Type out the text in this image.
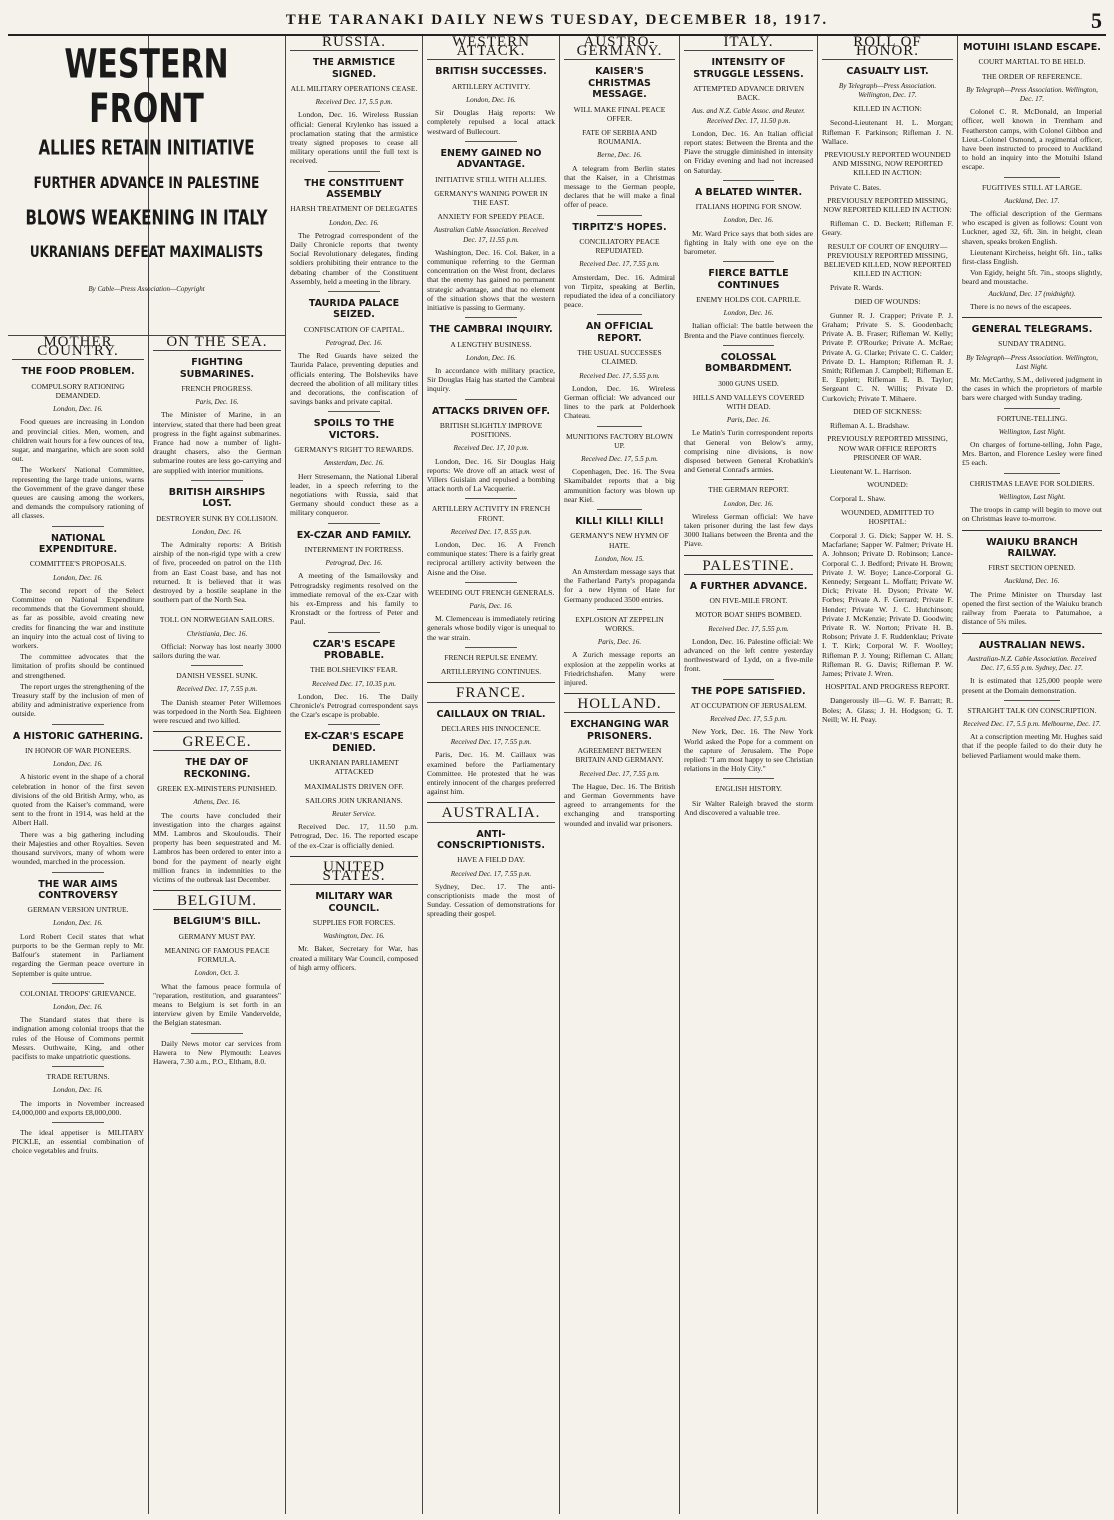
THE TARANAKI DAILY NEWS TUESDAY, DECEMBER 18, 1917.	5
WESTERN FRONT
ALLIES RETAIN INITIATIVE
FURTHER ADVANCE IN PALESTINE
BLOWS WEAKENING IN ITALY
UKRANIANS DEFEAT MAXIMALISTS
By Cable—Press Association—Copyright
MOTHER COUNTRY.
THE FOOD PROBLEM.
COMPULSORY RATIONING DEMANDED.
London, Dec. 16.

Food queues are increasing in London and provincial cities. Men, women, and children wait hours for a few ounces of tea, sugar, and margarine, which are soon sold out.

The Workers' National Committee, representing the large trade unions, warns the Government of the grave danger these queues are causing among the workers, and demands the compulsory rationing of all classes.

NATIONAL EXPENDITURE.
COMMITTEE'S PROPOSALS.
London, Dec. 16.

The second report of the Select Committee on National Expenditure recommends that the Government should, as far as possible, avoid creating new credits for financing the war and institute an inquiry into the actual cost of living to workers.

The committee advocates that the limitation of profits should be continued and strengthened.

The report urges the strengthening of the Treasury staff by the inclusion of men of ability and administrative experience from outside.

A HISTORIC GATHERING.
IN HONOR OF WAR PIONEERS.
London, Dec. 16.

A historic event in the shape of a choral celebration in honor of the first seven divisions of the old British Army, who, as quoted from the Kaiser's command, were sent to the front in 1914, was held at the Albert Hall.

There was a big gathering including their Majesties and other Royalties. Seven thousand survivors, many of whom were wounded, marched in the procession.

THE WAR AIMS CONTROVERSY
GERMAN VERSION UNTRUE.
London, Dec. 16.

Lord Robert Cecil states that what purports to be the German reply to Mr. Balfour's statement in Parliament regarding the German peace overture in September is quite untrue.

COLONIAL TROOPS' GRIEVANCE.
London, Dec. 16.

The Standard states that there is indignation among colonial troops that the rules of the House of Commons permit Messrs. Outhwaite, King, and other pacifists to make unpatriotic questions.

TRADE RETURNS.
London, Dec. 16.

The imports in November increased £4,000,000 and exports £8,000,000.

The ideal appetiser is MILITARY PICKLE, an essential combination of choice vegetables and fruits.

ON THE SEA.
FIGHTING SUBMARINES.
FRENCH PROGRESS.
Paris, Dec. 16.

The Minister of Marine, in an interview, stated that there had been great progress in the fight against submarines. France had now a number of light-draught chasers, also the German submarine routes are less go-carrying and are supplied with interior munitions.

BRITISH AIRSHIPS LOST.
DESTROYER SUNK BY COLLISION.
London, Dec. 16.

The Admiralty reports: A British airship of the non-rigid type with a crew of five, proceeded on patrol on the 11th from an East Coast base, and has not returned. It is believed that it was destroyed by a hostile seaplane in the southern part of the North Sea.

TOLL ON NORWEGIAN SAILORS.
Christiania, Dec. 16.

Official: Norway has lost nearly 3000 sailors during the war.

DANISH VESSEL SUNK.
Received Dec. 17, 7.55 p.m.

The Danish steamer Peter Willemoes was torpedoed in the North Sea. Eighteen were rescued and two killed.

GREECE.
THE DAY OF RECKONING.
GREEK EX-MINISTERS PUNISHED.
Athens, Dec. 16.

The courts have concluded their investigation into the charges against MM. Lambros and Skouloudis. Their property has been sequestrated and M. Lambros has been ordered to enter into a bond for the payment of nearly eight million francs in indemnities to the victims of the outbreak last December.

BELGIUM.
BELGIUM'S BILL.
GERMANY MUST PAY.
MEANING OF FAMOUS PEACE FORMULA.
London, Oct. 3.

What the famous peace formula of "reparation, restitution, and guarantees" means to Belgium is set forth in an interview given by Emile Vandervelde, the Belgian statesman.

Daily News motor car services from Hawera to New Plymouth: Leaves Hawera, 7.30 a.m., P.O., Eltham, 8.0.

RUSSIA.
THE ARMISTICE SIGNED.
ALL MILITARY OPERATIONS CEASE.
Received Dec. 17, 5.5 p.m.

London, Dec. 16. Wireless Russian official: General Krylenko has issued a proclamation stating that the armistice treaty signed proposes to cease all military operations until the full text is received.

THE CONSTITUENT ASSEMBLY
HARSH TREATMENT OF DELEGATES
London, Dec. 16.

The Petrograd correspondent of the Daily Chronicle reports that twenty Social Revolutionary delegates, finding soldiers prohibiting their entrance to the debating chamber of the Constituent Assembly, held a meeting in the library.

TAURIDA PALACE SEIZED.
CONFISCATION OF CAPITAL.
Petrograd, Dec. 16.

The Red Guards have seized the Taurida Palace, preventing deputies and officials entering. The Bolsheviks have decreed the abolition of all military titles and decorations, the confiscation of savings banks and private capital.

SPOILS TO THE VICTORS.
GERMANY'S RIGHT TO REWARDS.
Amsterdam, Dec. 16.

Herr Stresemann, the National Liberal leader, in a speech referring to the negotiations with Russia, said that Germany should conduct these as a military conqueror.

EX-CZAR AND FAMILY.
INTERNMENT IN FORTRESS.
Petrograd, Dec. 16.

A meeting of the Ismailovsky and Petrogradsky regiments resolved on the immediate removal of the ex-Czar with his ex-Empress and his family to Kronstadt or the fortress of Peter and Paul.

CZAR'S ESCAPE PROBABLE.
THE BOLSHEVIKS' FEAR.
Received Dec. 17, 10.35 p.m.

London, Dec. 16. The Daily Chronicle's Petrograd correspondent says the Czar's escape is probable.

EX-CZAR'S ESCAPE DENIED.
UKRANIAN PARLIAMENT ATTACKED
MAXIMALISTS DRIVEN OFF.
SAILORS JOIN UKRANIANS.
Reuter Service.

Received Dec. 17, 11.50 p.m. Petrograd, Dec. 16. The reported escape of the ex-Czar is officially denied.

UNITED STATES.
MILITARY WAR COUNCIL.
SUPPLIES FOR FORCES.
Washington, Dec. 16.

Mr. Baker, Secretary for War, has created a military War Council, composed of high army officers.

WESTERN ATTACK.
BRITISH SUCCESSES.
ARTILLERY ACTIVITY.
London, Dec. 16.

Sir Douglas Haig reports: We completely repulsed a local attack westward of Bullecourt.

ENEMY GAINED NO ADVANTAGE.
INITIATIVE STILL WITH ALLIES.
GERMANY'S WANING POWER IN THE EAST.
ANXIETY FOR SPEEDY PEACE.
Australian Cable Association. Received Dec. 17, 11.55 p.m.

Washington, Dec. 16. Col. Baker, in a communique referring to the German concentration on the West front, declares that the enemy has gained no permanent strategic advantage, and that no element of the situation shows that the western initiative is passing to Germany.

THE CAMBRAI INQUIRY.
A LENGTHY BUSINESS.
London, Dec. 16.

In accordance with military practice, Sir Douglas Haig has started the Cambrai inquiry.

ATTACKS DRIVEN OFF.
BRITISH SLIGHTLY IMPROVE POSITIONS.
Received Dec. 17, 10 p.m.

London, Dec. 16. Sir Douglas Haig reports: We drove off an attack west of Villers Guislain and repulsed a bombing attack north of La Vacquerie.

ARTILLERY ACTIVITY IN FRENCH FRONT.
Received Dec. 17, 8.55 p.m.

London, Dec. 16. A French communique states: There is a fairly great reciprocal artillery activity between the Aisne and the Oise.

WEEDING OUT FRENCH GENERALS.
Paris, Dec. 16.

M. Clemenceau is immediately retiring generals whose bodily vigor is unequal to the war strain.

FRENCH REPULSE ENEMY.
ARTILLERYING CONTINUES.
FRANCE.
CAILLAUX ON TRIAL.
DECLARES HIS INNOCENCE.
Received Dec. 17, 7.55 p.m.

Paris, Dec. 16. M. Caillaux was examined before the Parliamentary Committee. He protested that he was entirely innocent of the charges preferred against him.

AUSTRALIA.
ANTI-CONSCRIPTIONISTS.
HAVE A FIELD DAY.
Received Dec. 17, 7.55 p.m.

Sydney, Dec. 17. The anti-conscriptionists made the most of Sunday. Cessation of demonstrations for spreading their gospel.

AUSTRO-GERMANY.
KAISER'S CHRISTMAS MESSAGE.
WILL MAKE FINAL PEACE OFFER.
FATE OF SERBIA AND ROUMANIA.
Berne, Dec. 16.

A telegram from Berlin states that the Kaiser, in a Christmas message to the German people, declares that he will make a final offer of peace.

TIRPITZ'S HOPES.
CONCILIATORY PEACE REPUDIATED.
Received Dec. 17, 7.55 p.m.

Amsterdam, Dec. 16. Admiral von Tirpitz, speaking at Berlin, repudiated the idea of a conciliatory peace.

AN OFFICIAL REPORT.
THE USUAL SUCCESSES CLAIMED.
Received Dec. 17, 5.55 p.m.

London, Dec. 16. Wireless German official: We advanced our lines to the park at Polderhoek Chateau.

MUNITIONS FACTORY BLOWN UP.
Received Dec. 17, 5.5 p.m.

Copenhagen, Dec. 16. The Svea Skamibaldet reports that a big ammunition factory was blown up near Kiel.

KILL! KILL! KILL!
GERMANY'S NEW HYMN OF HATE.
London, Nov. 15.

An Amsterdam message says that the Fatherland Party's propaganda for a new Hymn of Hate for Germany produced 3500 entries.

EXPLOSION AT ZEPPELIN WORKS.
Paris, Dec. 16.

A Zurich message reports an explosion at the zeppelin works at Friedrichshafen. Many were injured.

HOLLAND.
EXCHANGING WAR PRISONERS.
AGREEMENT BETWEEN BRITAIN AND GERMANY.
Received Dec. 17, 7.55 p.m.

The Hague, Dec. 16. The British and German Governments have agreed to arrangements for the exchanging and transporting wounded and invalid war prisoners.

ITALY.
INTENSITY OF STRUGGLE LESSENS.
ATTEMPTED ADVANCE DRIVEN BACK.
Aus. and N.Z. Cable Assoc. and Reuter. Received Dec. 17, 11.50 p.m.

London, Dec. 16. An Italian official report states: Between the Brenta and the Piave the struggle diminished in intensity on Friday evening and had not increased on Saturday.

A BELATED WINTER.
ITALIANS HOPING FOR SNOW.
London, Dec. 16.

Mr. Ward Price says that both sides are fighting in Italy with one eye on the barometer.

FIERCE BATTLE CONTINUES
ENEMY HOLDS COL CAPRILE.
London, Dec. 16.

Italian official: The battle between the Brenta and the Piave continues fiercely.

COLOSSAL BOMBARDMENT.
3000 GUNS USED.
HILLS AND VALLEYS COVERED WITH DEAD.
Paris, Dec. 16.

Le Matin's Turin correspondent reports that General von Below's army, comprising nine divisions, is now disposed between General Krobatkin's and General Conrad's armies.

THE GERMAN REPORT.
London, Dec. 16.

Wireless German official: We have taken prisoner during the last few days 3000 Italians between the Brenta and the Piave.

PALESTINE.
A FURTHER ADVANCE.
ON FIVE-MILE FRONT.
MOTOR BOAT SHIPS BOMBED.
Received Dec. 17, 5.55 p.m.

London, Dec. 16. Palestine official: We advanced on the left centre yesterday northwestward of Lydd, on a five-mile front.

THE POPE SATISFIED.
AT OCCUPATION OF JERUSALEM.
Received Dec. 17, 5.5 p.m.

New York, Dec. 16. The New York World asked the Pope for a comment on the capture of Jerusalem. The Pope replied: "I am most happy to see Christian relations in the Holy City."

ENGLISH HISTORY.

Sir Walter Raleigh braved the storm And discovered a valuable tree.

ROLL OF HONOR.
CASUALTY LIST.
By Telegraph—Press Association. Wellington, Dec. 17.
KILLED IN ACTION:

Second-Lieutenant H. L. Morgan; Rifleman F. Parkinson; Rifleman J. N. Wallace.

PREVIOUSLY REPORTED WOUNDED AND MISSING, NOW REPORTED KILLED IN ACTION:

Private C. Bates.

PREVIOUSLY REPORTED MISSING, NOW REPORTED KILLED IN ACTION:

Rifleman C. D. Beckett; Rifleman F. Geary.

RESULT OF COURT OF ENQUIRY—PREVIOUSLY REPORTED MISSING, BELIEVED KILLED, NOW REPORTED KILLED IN ACTION:

Private R. Wards.

DIED OF WOUNDS:

Gunner R. J. Crapper; Private P. J. Graham; Private S. S. Goodenbach; Private A. B. Fraser; Rifleman W. Kelly; Private P. O'Rourke; Private A. McRae; Private A. G. Clarke; Private C. C. Calder; Private D. L. Hampton; Rifleman R. J. Smith; Rifleman J. Campbell; Rifleman E. E. Epplett; Rifleman E. B. Taylor; Sergeant C. N. Willis; Private D. Curkovich; Private T. Mihaere.

DIED OF SICKNESS:

Rifleman A. L. Bradshaw.

PREVIOUSLY REPORTED MISSING, NOW WAR OFFICE REPORTS PRISONER OF WAR.

Lieutenant W. L. Harrison.

WOUNDED:

Corporal L. Shaw.

WOUNDED, ADMITTED TO HOSPITAL:

Corporal J. G. Dick; Sapper W. H. S. Macfarlane; Sapper W. Palmer; Private H. A. Johnson; Private D. Robinson; Lance-Corporal C. J. Bedford; Private H. Brown; Private J. W. Boye; Lance-Corporal G. Kennedy; Sergeant L. Moffatt; Private W. Dick; Private H. Dyson; Private W. Forbes; Private A. F. Gerrard; Private F. Hender; Private W. J. C. Hutchinson; Private J. McKenzie; Private D. Goodwin; Private R. W. Norton; Private H. B. Robson; Private J. F. Ruddenklau; Private I. T. Kirk; Corporal W. F. Woolley; Rifleman P. J. Young; Rifleman C. Allan; Rifleman R. G. Davis; Rifleman P. W. James; Private J. Wren.

HOSPITAL AND PROGRESS REPORT.

Dangerously ill—G. W. F. Barratt; R. Boles; A. Glass; J. H. Hodgson; G. T. Neill; W. H. Peay.

MOTUIHI ISLAND ESCAPE.
COURT MARTIAL TO BE HELD.
THE ORDER OF REFERENCE.
By Telegraph—Press Association. Wellington, Dec. 17.

Colonel C. R. McDonald, an Imperial officer, well known in Trentham and Featherston camps, with Colonel Gibbon and Lieut.-Colonel Osmond, a regimental officer, have been instructed to proceed to Auckland to hold an inquiry into the Motuihi Island escape.

FUGITIVES STILL AT LARGE.
Auckland, Dec. 17.

The official description of the Germans who escaped is given as follows: Count von Luckner, aged 32, 6ft. 3in. in height, clean shaven, speaks broken English.

Lieutenant Kircheiss, height 6ft. 1in., talks first-class English.

Von Egidy, height 5ft. 7in., stoops slightly, beard and moustache.

Auckland, Dec. 17 (midnight).

There is no news of the escapees.

GENERAL TELEGRAMS.
SUNDAY TRADING.
By Telegraph—Press Association. Wellington, Last Night.

Mr. McCarthy, S.M., delivered judgment in the cases in which the proprietors of marble bars were charged with Sunday trading.

FORTUNE-TELLING.
Wellington, Last Night.

On charges of fortune-telling, John Page, Mrs. Barton, and Florence Lesley were fined £5 each.

CHRISTMAS LEAVE FOR SOLDIERS.
Wellington, Last Night.

The troops in camp will begin to move out on Christmas leave to-morrow.

WAIUKU BRANCH RAILWAY.
FIRST SECTION OPENED.
Auckland, Dec. 16.

The Prime Minister on Thursday last opened the first section of the Waiuku branch railway from Paerata to Patumahoe, a distance of 5¾ miles.

AUSTRALIAN NEWS.
Australian-N.Z. Cable Association. Received Dec. 17, 6.55 p.m. Sydney, Dec. 17.

It is estimated that 125,000 people were present at the Domain demonstration.

STRAIGHT TALK ON CONSCRIPTION.
Received Dec. 17, 5.5 p.m. Melbourne, Dec. 17.

At a conscription meeting Mr. Hughes said that if the people failed to do their duty he believed Parliament would make them.
